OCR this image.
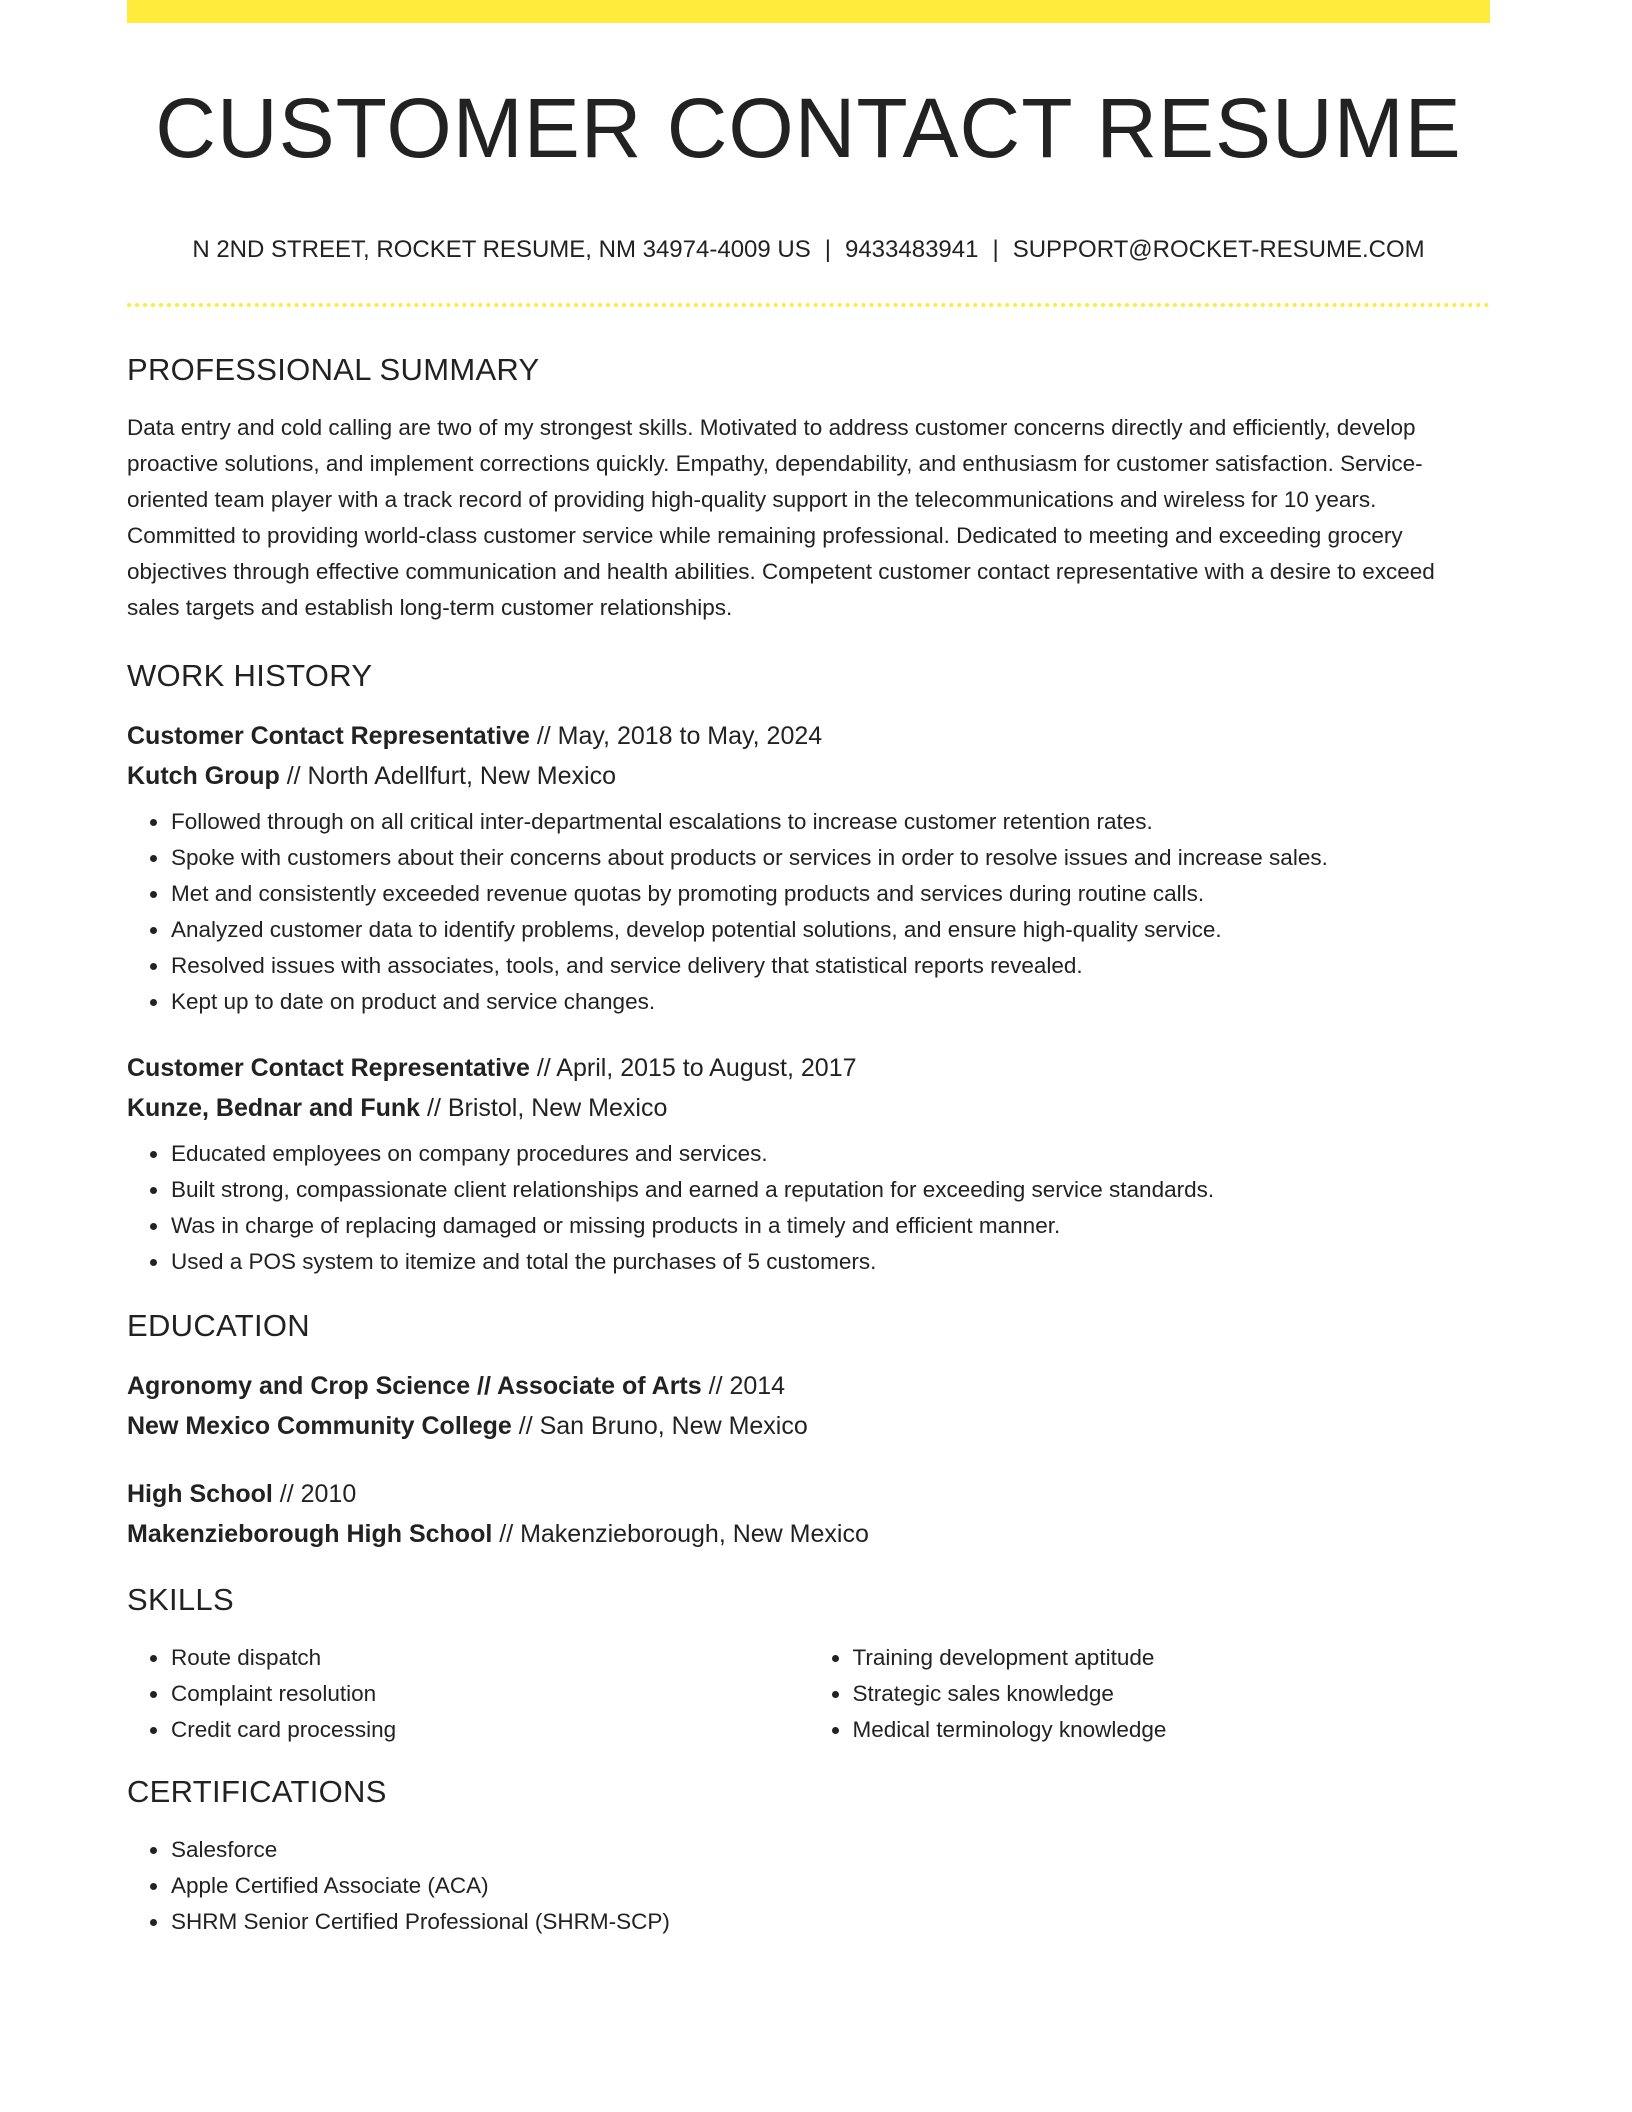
CUSTOMER CONTACT RESUME
N 2ND STREET, ROCKET RESUME, NM 34974-4009 US | 9433483941 | SUPPORT@ROCKET-RESUME.COM
PROFESSIONAL SUMMARY

Data entry and cold calling are two of my strongest skills. Motivated to address customer concerns directly and efficiently, develop proactive solutions, and implement corrections quickly. Empathy, dependability, and enthusiasm for customer satisfaction. Service-oriented team player with a track record of providing high-quality support in the telecommunications and wireless for 10 years. Committed to providing world-class customer service while remaining professional. Dedicated to meeting and exceeding grocery objectives through effective communication and health abilities. Competent customer contact representative with a desire to exceed sales targets and establish long-term customer relationships.

WORK HISTORY
Customer Contact Representative // May, 2018 to May, 2024
Kutch Group // North Adellfurt, New Mexico
• Followed through on all critical inter-departmental escalations to increase customer retention rates.
• Spoke with customers about their concerns about products or services in order to resolve issues and increase sales.
• Met and consistently exceeded revenue quotas by promoting products and services during routine calls.
• Analyzed customer data to identify problems, develop potential solutions, and ensure high-quality service.
• Resolved issues with associates, tools, and service delivery that statistical reports revealed.
• Kept up to date on product and service changes.
Customer Contact Representative // April, 2015 to August, 2017
Kunze, Bednar and Funk // Bristol, New Mexico
• Educated employees on company procedures and services.
• Built strong, compassionate client relationships and earned a reputation for exceeding service standards.
• Was in charge of replacing damaged or missing products in a timely and efficient manner.
• Used a POS system to itemize and total the purchases of 5 customers.
EDUCATION
Agronomy and Crop Science // Associate of Arts // 2014
New Mexico Community College // San Bruno, New Mexico
High School // 2010
Makenzieborough High School // Makenzieborough, New Mexico
SKILLS
• Route dispatch
• Complaint resolution
• Credit card processing
• Training development aptitude
• Strategic sales knowledge
• Medical terminology knowledge
CERTIFICATIONS
• Salesforce
• Apple Certified Associate (ACA)
• SHRM Senior Certified Professional (SHRM-SCP)
